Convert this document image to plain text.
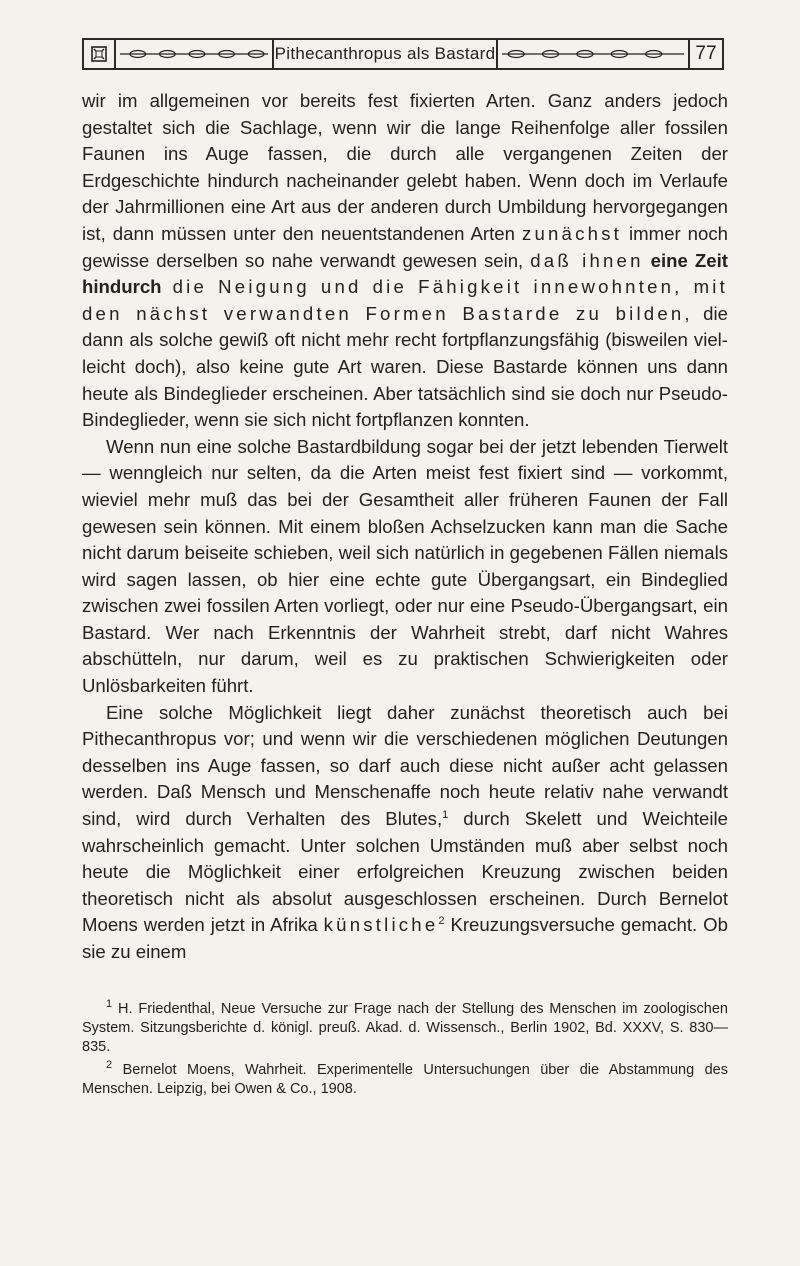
Pithecanthropus als Bastard	77

wir im allgemeinen vor bereits fest fixierten Arten. Ganz anders jedoch gestaltet sich die Sachlage, wenn wir die lange Reihenfolge aller fossilen Faunen ins Auge fassen, die durch alle vergangenen Zeiten der Erdgeschichte hindurch nacheinander gelebt haben. Wenn doch im Verlaufe der Jahrmillionen eine Art aus der anderen durch Umbildung hervorgegangen ist, dann müssen unter den neuentstandenen Arten zunächst immer noch gewisse derselben so nahe verwandt gewesen sein, daß ihnen eine Zeit hindurch die Neigung und die Fähigkeit innewohnten, mit den nächst verwandten Formen Bastarde zu bilden, die dann als solche gewiß oft nicht mehr recht fortpflanzungsfähig (bisweilen vielleicht doch), also keine gute Art waren. Diese Bastarde können uns dann heute als Bindeglieder erscheinen. Aber tatsächlich sind sie doch nur Pseudo-Bindeglieder, wenn sie sich nicht fortpflanzen konnten.

Wenn nun eine solche Bastardbildung sogar bei der jetzt lebenden Tierwelt — wenngleich nur selten, da die Arten meist fest fixiert sind — vorkommt, wieviel mehr muß das bei der Gesamtheit aller früheren Faunen der Fall gewesen sein können. Mit einem bloßen Achselzucken kann man die Sache nicht darum beiseite schieben, weil sich natürlich in gegebenen Fällen niemals wird sagen lassen, ob hier eine echte gute Übergangsart, ein Bindeglied zwischen zwei fossilen Arten vorliegt, oder nur eine Pseudo-Übergangsart, ein Bastard. Wer nach Erkenntnis der Wahrheit strebt, darf nicht Wahres abschütteln, nur darum, weil es zu praktischen Schwierigkeiten oder Unlösbarkeiten führt.

Eine solche Möglichkeit liegt daher zunächst theoretisch auch bei Pithecanthropus vor; und wenn wir die verschiedenen möglichen Deutungen desselben ins Auge fassen, so darf auch diese nicht außer acht gelassen werden. Daß Mensch und Menschenaffe noch heute relativ nahe verwandt sind, wird durch Verhalten des Blutes,$^1$ durch Skelett und Weichteile wahrscheinlich gemacht. Unter solchen Umständen muß aber selbst noch heute die Möglichkeit einer erfolgreichen Kreuzung zwischen beiden theoretisch nicht als absolut ausgeschlossen erscheinen. Durch Bernelot Moens werden jetzt in Afrika künstliche$^2$ Kreuzungsversuche gemacht. Ob sie zu einem

$^1$ H. Friedenthal, Neue Versuche zur Frage nach der Stellung des Menschen im zoologischen System. Sitzungsberichte d. königl. preuß. Akad. d. Wissensch., Berlin 1902, Bd. XXXV, S. 830—835.

$^2$ Bernelot Moens, Wahrheit. Experimentelle Untersuchungen über die Abstammung des Menschen. Leipzig, bei Owen & Co., 1908.
